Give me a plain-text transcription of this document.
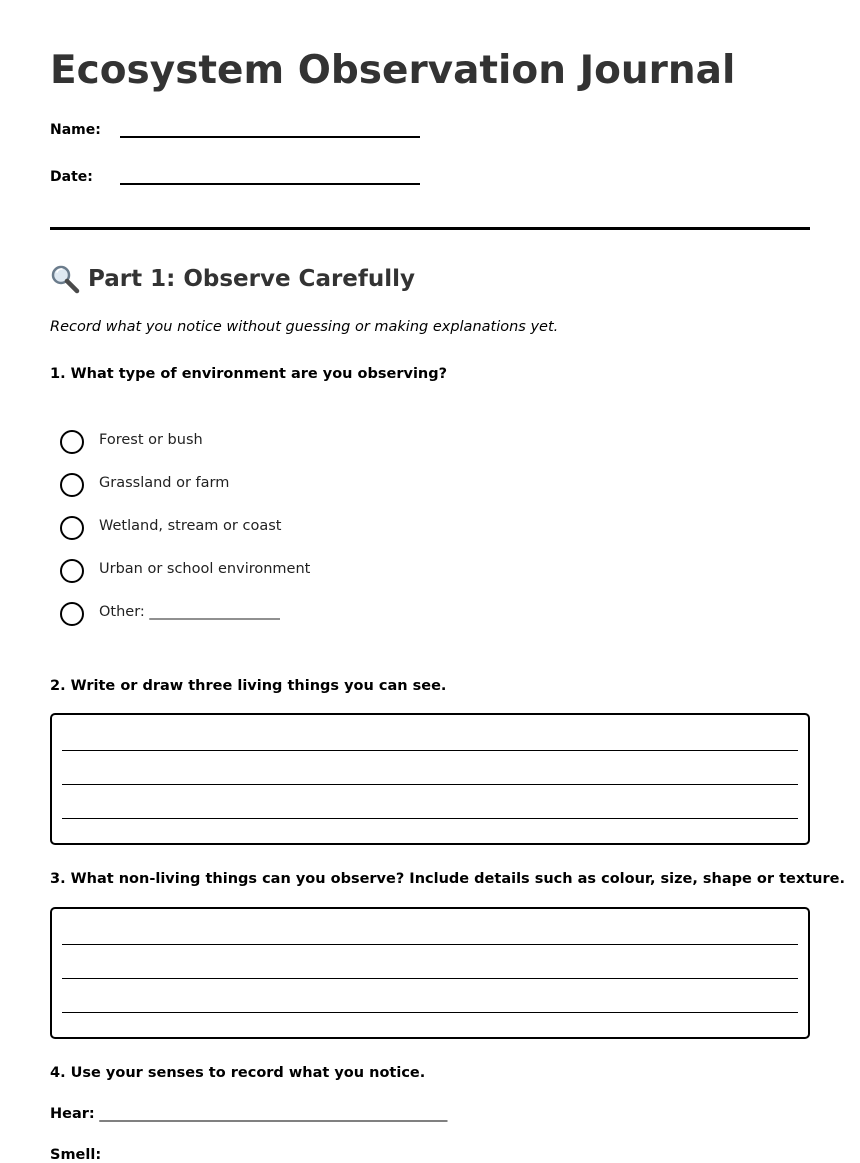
Ecosystem Observation Journal
Name:
Date:
Part 1: Observe Carefully
Record what you notice without guessing or making explanations yet.
1. What type of environment are you observing?
Forest or bush
Grassland or farm
Wetland, stream or coast
Urban or school environment
Other: __________________
2. Write or draw three living things you can see.
3. What non-living things can you observe? Include details such as colour, size, shape or texture.
4. Use your senses to record what you notice.
Hear: ________________________________________________
Smell:
